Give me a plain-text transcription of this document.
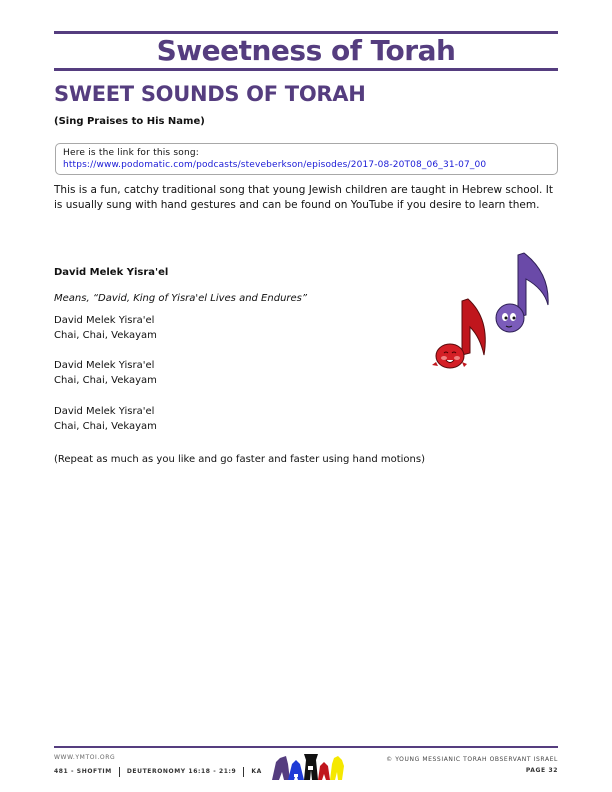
Sweetness of Torah
SWEET SOUNDS OF TORAH
(Sing Praises to His Name)
Here is the link for this song:
https://www.podomatic.com/podcasts/steveberkson/episodes/2017-08-20T08_06_31-07_00

This is a fun, catchy traditional song that young Jewish children are taught in Hebrew school. It is usually sung with hand gestures and can be found on YouTube if you desire to learn them.

David Melek Yisra'el
Means, “David, King of Yisra'el Lives and Endures”
David Melek Yisra'el
Chai, Chai, Vekayam
David Melek Yisra'el
Chai, Chai, Vekayam
David Melek Yisra'el
Chai, Chai, Vekayam
(Repeat as much as you like and go faster and faster using hand motions)
WWW.YMTOI.ORG
481 - SHOFTIM	DEUTERONOMY 16:18 - 21:9	KA
© YOUNG MESSIANIC TORAH OBSERVANT ISRAEL
PAGE 32
